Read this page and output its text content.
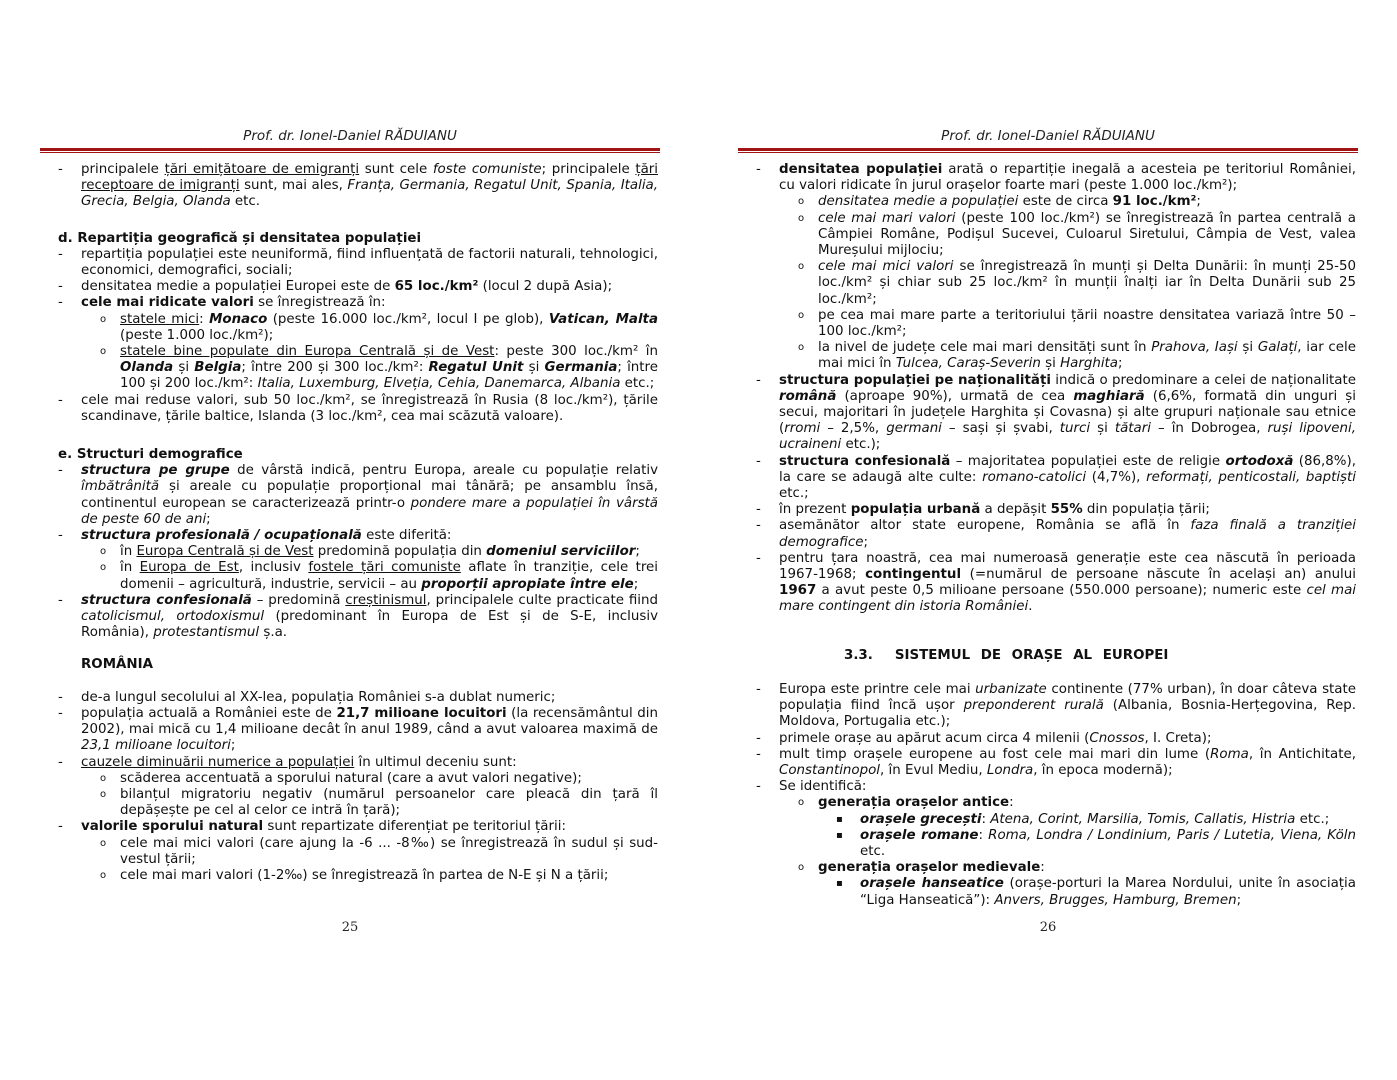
Prof. dr. Ionel-Daniel RĂDUIANU
-	principalele țări emițătoare de emigranți sunt cele foste comuniste; principalele țări receptoare de imigranți sunt, mai ales, Franța, Germania, Regatul Unit, Spania, Italia, Grecia, Belgia, Olanda etc.
d. Repartiția geografică și densitatea populației
-	repartiția populației este neuniformă, fiind influențată de factorii naturali, tehnologici, economici, demografici, sociali;
-	densitatea medie a populației Europei este de 65 loc./km² (locul 2 după Asia);
-	cele mai ridicate valori se înregistrează în:
o	statele mici: Monaco (peste 16.000 loc./km², locul I pe glob), Vatican, Malta (peste 1.000 loc./km²);
o	statele bine populate din Europa Centrală și de Vest: peste 300 loc./km² în Olanda și Belgia; între 200 și 300 loc./km²: Regatul Unit și Germania; între 100 și 200 loc./km²: Italia, Luxemburg, Elveția, Cehia, Danemarca, Albania etc.;
-	cele mai reduse valori, sub 50 loc./km², se înregistrează în Rusia (8 loc./km²), țările scandinave, țările baltice, Islanda (3 loc./km², cea mai scăzută valoare).
e. Structuri demografice
-	structura pe grupe de vârstă indică, pentru Europa, areale cu populație relativ îmbătrânită și areale cu populație proporțional mai tânără; pe ansamblu însă, continentul european se caracterizează printr-o pondere mare a populației în vârstă de peste 60 de ani;
-	structura profesională / ocupațională este diferită:
o	în Europa Centrală și de Vest predomină populația din domeniul serviciilor;
o	în Europa de Est, inclusiv fostele țări comuniste aflate în tranziție, cele trei domenii – agricultură, industrie, servicii – au proporții apropiate între ele;
-	structura confesională – predomină creștinismul, principalele culte practicate fiind catolicismul, ortodoxismul (predominant în Europa de Est și de S-E, inclusiv România), protestantismul ș.a.
ROMÂNIA
-	de-a lungul secolului al XX-lea, populația României s-a dublat numeric;
-	populația actuală a României este de 21,7 milioane locuitori (la recensământul din 2002), mai mică cu 1,4 milioane decât în anul 1989, când a avut valoarea maximă de 23,1 milioane locuitori;
-	cauzele diminuării numerice a populației în ultimul deceniu sunt:
o	scăderea accentuată a sporului natural (care a avut valori negative);
o	bilanțul migratoriu negativ (numărul persoanelor care pleacă din țară îl depășește pe cel al celor ce intră în țară);
-	valorile sporului natural sunt repartizate diferențiat pe teritoriul țării:
o	cele mai mici valori (care ajung la -6 ... -8‰) se înregistrează în sudul și sud-vestul țării;
o	cele mai mari valori (1-2‰) se înregistrează în partea de N-E și N a țării;
25
Prof. dr. Ionel-Daniel RĂDUIANU
-	densitatea populației arată o repartiție inegală a acesteia pe teritoriul României, cu valori ridicate în jurul orașelor foarte mari (peste 1.000 loc./km²);
o	densitatea medie a populației este de circa 91 loc./km²;
o	cele mai mari valori (peste 100 loc./km²) se înregistrează în partea centrală a Câmpiei Române, Podișul Sucevei, Culoarul Siretului, Câmpia de Vest, valea Mureșului mijlociu;
o	cele mai mici valori se înregistrează în munți și Delta Dunării: în munți 25-50 loc./km² și chiar sub 25 loc./km² în munții înalți iar în Delta Dunării sub 25 loc./km²;
o	pe cea mai mare parte a teritoriului țării noastre densitatea variază între 50 – 100 loc./km²;
o	la nivel de județe cele mai mari densități sunt în Prahova, Iași și Galați, iar cele mai mici în Tulcea, Caraș-Severin și Harghita;
-	structura populației pe naționalități indică o predominare a celei de naționalitate română (aproape 90%), urmată de cea maghiară (6,6%, formată din unguri și secui, majoritari în județele Harghita și Covasna) și alte grupuri naționale sau etnice (rromi – 2,5%, germani – sași și șvabi, turci și tătari – în Dobrogea, ruși lipoveni, ucraineni etc.);
-	structura confesională – majoritatea populației este de religie ortodoxă (86,8%), la care se adaugă alte culte: romano-catolici (4,7%), reformați, penticostali, baptiști etc.;
-	în prezent populația urbană a depășit 55% din populația țării;
-	asemănător altor state europene, România se află în faza finală a tranziției demografice;
-	pentru țara noastră, cea mai numeroasă generație este cea născută în perioada 1967-1968; contingentul (=numărul de persoane născute în același an) anului 1967 a avut peste 0,5 milioane persoane (550.000 persoane); numeric este cel mai mare contingent din istoria României.
3.3. SISTEMUL DE ORAȘE AL EUROPEI
-	Europa este printre cele mai urbanizate continente (77% urban), în doar câteva state populația fiind încă ușor preponderent rurală (Albania, Bosnia-Herțegovina, Rep. Moldova, Portugalia etc.);
-	primele orașe au apărut acum circa 4 milenii (Cnossos, I. Creta);
-	mult timp orașele europene au fost cele mai mari din lume (Roma, în Antichitate, Constantinopol, în Evul Mediu, Londra, în epoca modernă);
-	Se identifică:
o	generația orașelor antice:
▪	orașele grecești: Atena, Corint, Marsilia, Tomis, Callatis, Histria etc.;
▪	orașele romane: Roma, Londra / Londinium, Paris / Lutetia, Viena, Köln etc.
o	generația orașelor medievale:
▪	orașele hanseatice (orașe-porturi la Marea Nordului, unite în asociația “Liga Hanseatică”): Anvers, Brugges, Hamburg, Bremen;
26
